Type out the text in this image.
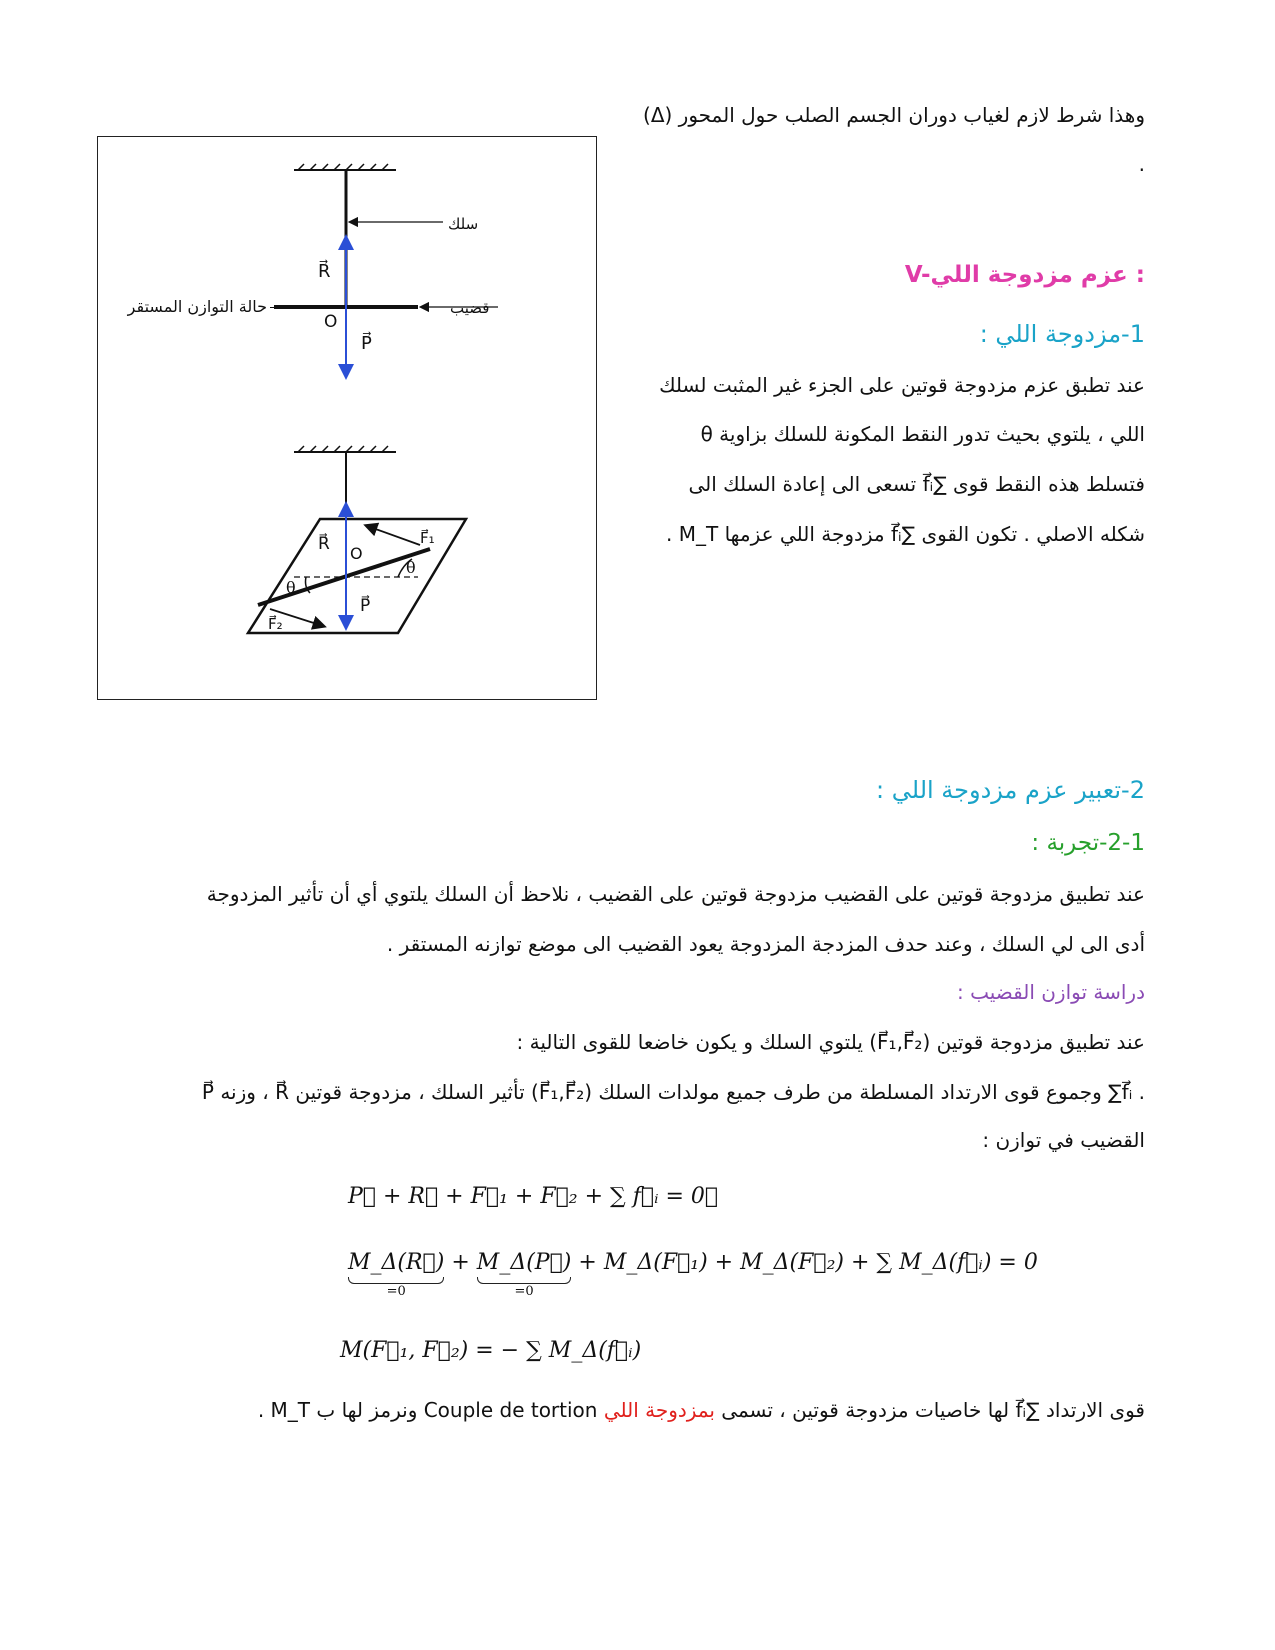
وهذا شرط لازم لغياب دوران الجسم الصلب حول المحور (Δ)
.
V-عزم مزدوجة اللي :
1-مزدوجة اللي :
عند تطبق عزم مزدوجة قوتين على الجزء غير المثبت لسلك
اللي ، يلتوي بحيث تدور النقط المكونة للسلك بزاوية θ
فتسلط هذه النقط قوى ∑f⃗ᵢ تسعى الى إعادة السلك الى
شكله الاصلي . تكون القوى ∑f⃗ᵢ مزدوجة اللي عزمها M_T .
R⃗
O
P⃗
سلك
قضيب
R⃗ O
P⃗
θ
θ
F⃗₁
F⃗₂
حالة التوازن المستقر
2-تعبير عزم مزدوجة اللي :
2-1-تجربة :
عند تطبيق مزدوجة قوتين على القضيب مزدوجة قوتين على القضيب ، نلاحظ أن السلك يلتوي أي أن تأثير المزدوجة
أدى الى لي السلك ، وعند حدف المزدجة المزدوجة يعود القضيب الى موضع توازنه المستقر .
دراسة توازن القضيب :
عند تطبيق مزدوجة قوتين (F⃗₁,F⃗₂) يلتوي السلك و يكون خاضعا للقوى التالية :
P⃗ وزنه ، R⃗ تأثير السلك ، مزدوجة قوتين (F⃗₁,F⃗₂) وجموع قوى الارتداد المسلطة من طرف جميع مولدات السلك ∑f⃗ᵢ .
القضيب في توازن :
P⃗ + R⃗ + F⃗₁ + F⃗₂ + ∑ f⃗ᵢ = 0⃗
M_Δ(R⃗)
=0
+ M_Δ(P⃗)
=0
+ M_Δ(F⃗₁) + M_Δ(F⃗₂) + ∑ M_Δ(f⃗ᵢ) = 0
M(F⃗₁, F⃗₂) = − ∑ M_Δ(f⃗ᵢ)
قوى الارتداد ∑f⃗ᵢ لها خاصيات مزدوجة قوتين ، تسمى بمزدوجة اللي Couple de tortion ونرمز لها ب M_T .
